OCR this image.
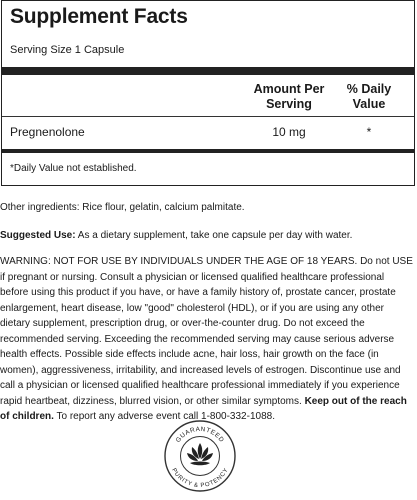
Supplement Facts
Serving Size 1 Capsule
Amount Per
Serving
% Daily
Value
Pregnenolone	10 mg	*
*Daily Value not established.
Other ingredients: Rice flour, gelatin, calcium palmitate.
Suggested Use: As a dietary supplement, take one capsule per day with water.
WARNING: NOT FOR USE BY INDIVIDUALS UNDER THE AGE OF 18 YEARS. Do not USE
if pregnant or nursing. Consult a physician or licensed qualified healthcare professional
before using this product if you have, or have a family history of, prostate cancer, prostate
enlargement, heart disease, low "good" cholesterol (HDL), or if you are using any other
dietary supplement, prescription drug, or over-the-counter drug. Do not exceed the
recommended serving. Exceeding the recommended serving may cause serious adverse
health effects. Possible side effects include acne, hair loss, hair growth on the face (in
women), aggressiveness, irritability, and increased levels of estrogen. Discontinue use and
call a physician or licensed qualified healthcare professional immediately if you experience
rapid heartbeat, dizziness, blurred vision, or other similar symptoms. Keep out of the reach
of children. To report any adverse event call 1-800-332-1088.
GUARANTEED
PURITY & POTENCY
